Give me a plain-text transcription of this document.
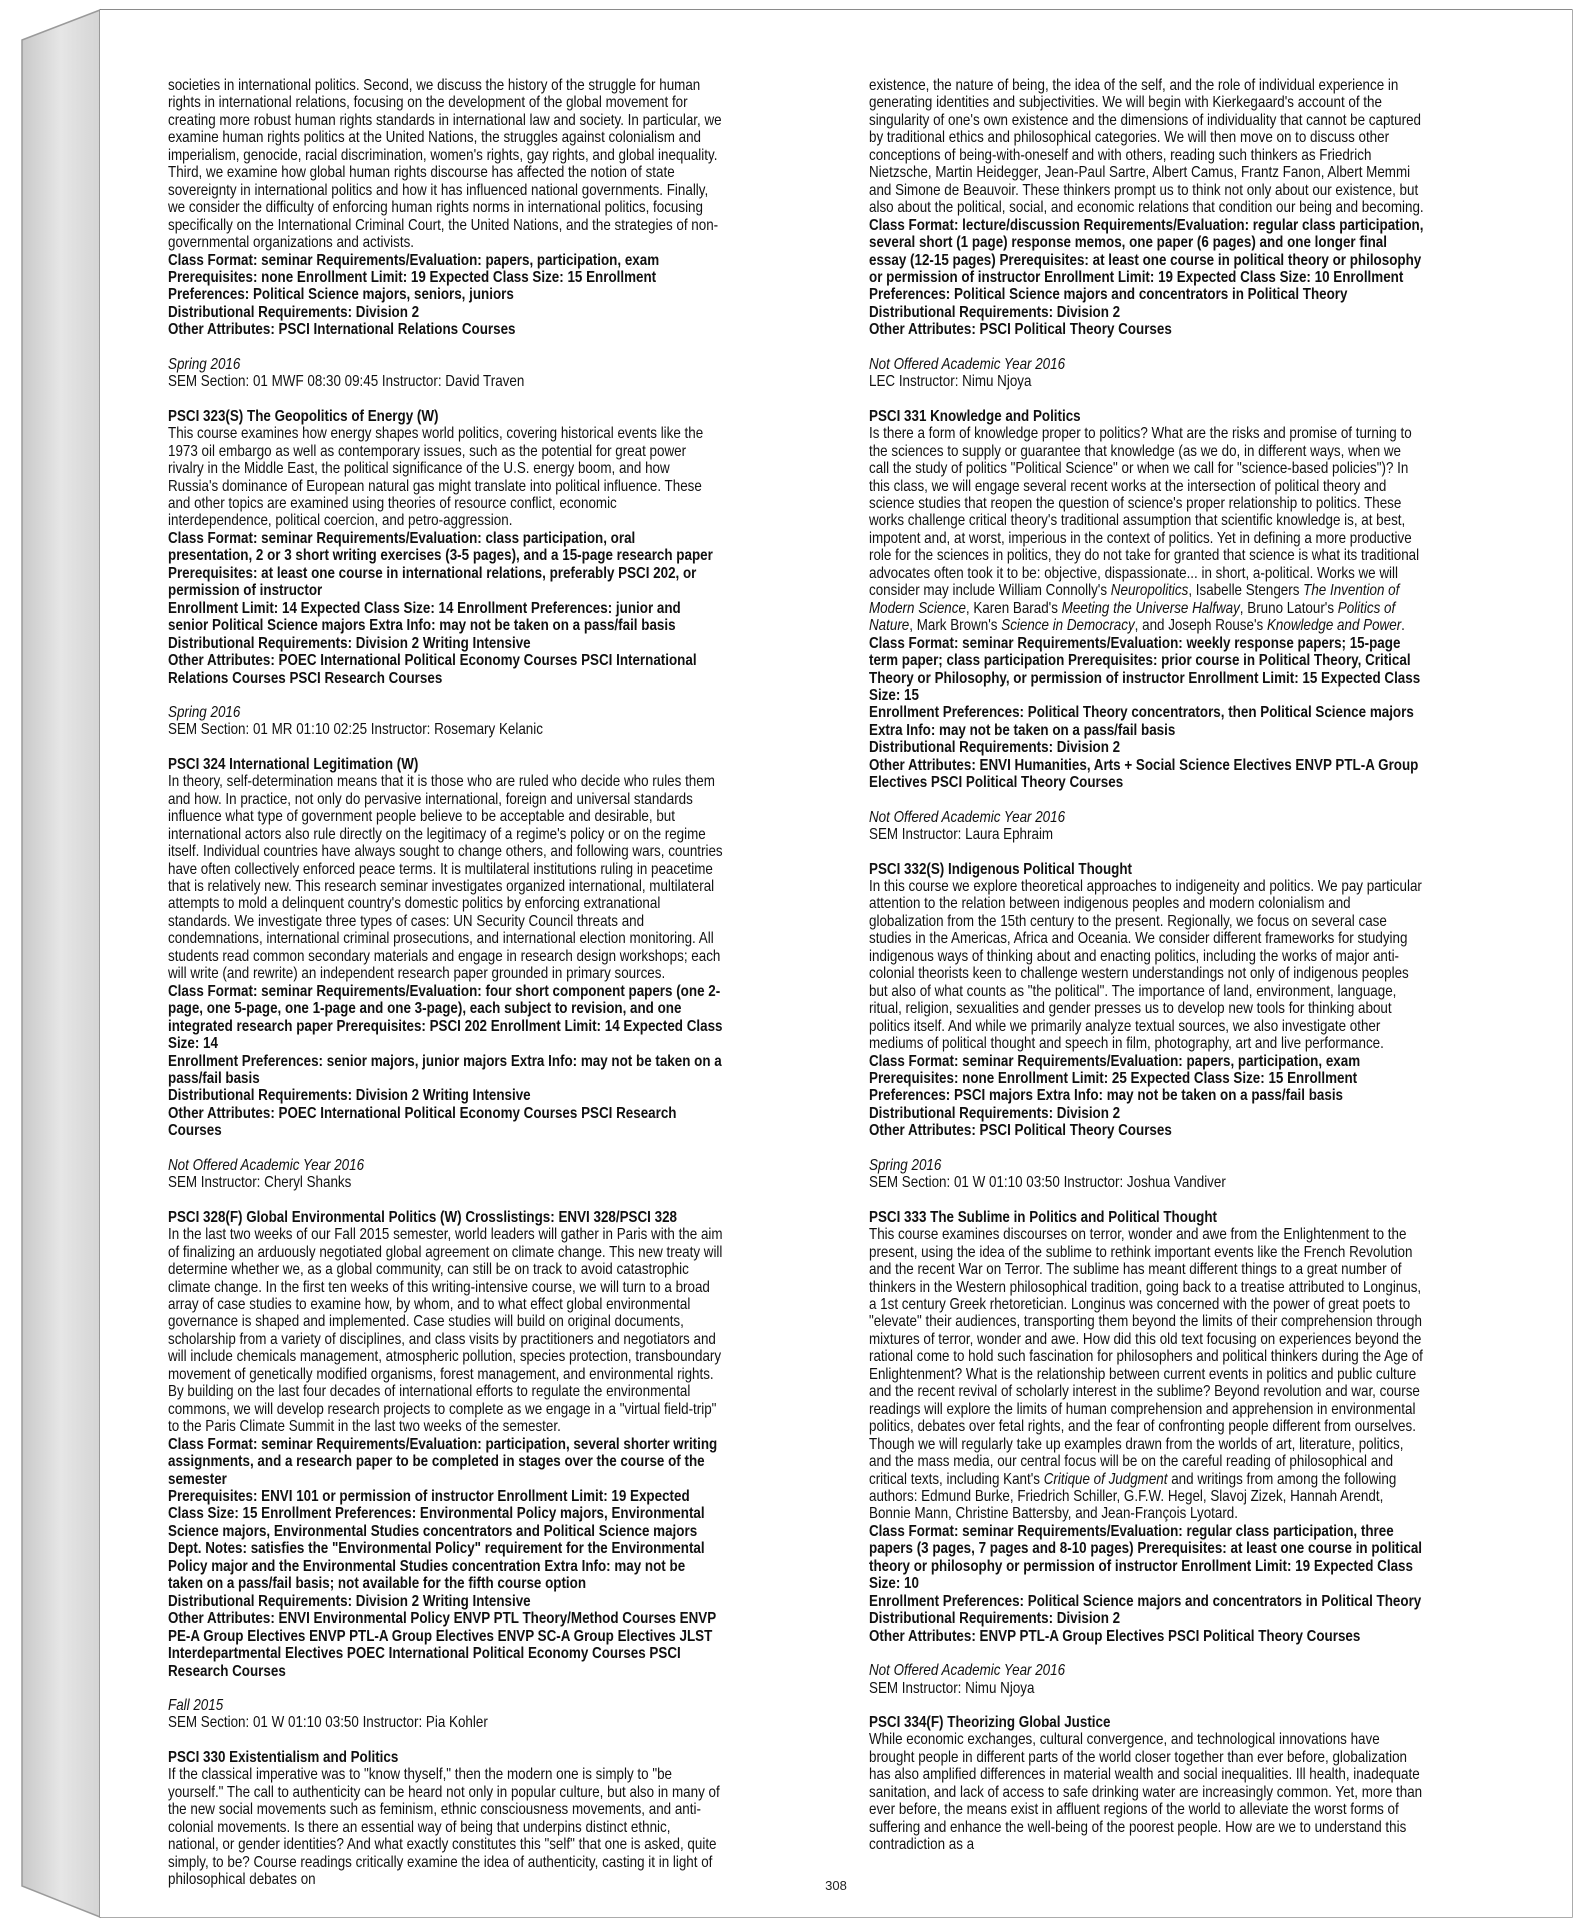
societies in international politics. Second, we discuss the history of the struggle for human rights in international relations, focusing on the development of the global movement for creating more robust human rights standards in international law and society. In particular, we examine human rights politics at the United Nations, the struggles against colonialism and imperialism, genocide, racial discrimination, women's rights, gay rights, and global inequality. Third, we examine how global human rights discourse has affected the notion of state sovereignty in international politics and how it has influenced national governments. Finally, we consider the difficulty of enforcing human rights norms in international politics, focusing specifically on the International Criminal Court, the United Nations, and the strategies of non-governmental organizations and activists.

Class Format: seminar Requirements/Evaluation: papers, participation, exam

Prerequisites: none Enrollment Limit: 19 Expected Class Size: 15 Enrollment Preferences: Political Science majors, seniors, juniors

Distributional Requirements: Division 2

Other Attributes: PSCI International Relations Courses

Spring 2016

SEM Section: 01 MWF 08:30 09:45 Instructor: David Traven

PSCI 323(S) The Geopolitics of Energy (W)

This course examines how energy shapes world politics, covering historical events like the 1973 oil embargo as well as contemporary issues, such as the potential for great power rivalry in the Middle East, the political significance of the U.S. energy boom, and how Russia's dominance of European natural gas might translate into political influence. These and other topics are examined using theories of resource conflict, economic interdependence, political coercion, and petro-aggression.

Class Format: seminar Requirements/Evaluation: class participation, oral presentation, 2 or 3 short writing exercises (3-5 pages), and a 15-page research paper Prerequisites: at least one course in international relations, preferably PSCI 202, or permission of instructor

Enrollment Limit: 14 Expected Class Size: 14 Enrollment Preferences: junior and senior Political Science majors Extra Info: may not be taken on a pass/fail basis

Distributional Requirements: Division 2 Writing Intensive

Other Attributes: POEC International Political Economy Courses PSCI International Relations Courses PSCI Research Courses

Spring 2016

SEM Section: 01 MR 01:10 02:25 Instructor: Rosemary Kelanic

PSCI 324 International Legitimation (W)

In theory, self-determination means that it is those who are ruled who decide who rules them and how. In practice, not only do pervasive international, foreign and universal standards influence what type of government people believe to be acceptable and desirable, but international actors also rule directly on the legitimacy of a regime's policy or on the regime itself. Individual countries have always sought to change others, and following wars, countries have often collectively enforced peace terms. It is multilateral institutions ruling in peacetime that is relatively new. This research seminar investigates organized international, multilateral attempts to mold a delinquent country's domestic politics by enforcing extranational standards. We investigate three types of cases: UN Security Council threats and condemnations, international criminal prosecutions, and international election monitoring. All students read common secondary materials and engage in research design workshops; each will write (and rewrite) an independent research paper grounded in primary sources.

Class Format: seminar Requirements/Evaluation: four short component papers (one 2-page, one 5-page, one 1-page and one 3-page), each subject to revision, and one integrated research paper Prerequisites: PSCI 202 Enrollment Limit: 14 Expected Class Size: 14

Enrollment Preferences: senior majors, junior majors Extra Info: may not be taken on a pass/fail basis

Distributional Requirements: Division 2 Writing Intensive

Other Attributes: POEC International Political Economy Courses PSCI Research Courses

Not Offered Academic Year 2016

SEM Instructor: Cheryl Shanks

PSCI 328(F) Global Environmental Politics (W) Crosslistings: ENVI 328/PSCI 328

In the last two weeks of our Fall 2015 semester, world leaders will gather in Paris with the aim of finalizing an arduously negotiated global agreement on climate change. This new treaty will determine whether we, as a global community, can still be on track to avoid catastrophic climate change. In the first ten weeks of this writing-intensive course, we will turn to a broad array of case studies to examine how, by whom, and to what effect global environmental governance is shaped and implemented. Case studies will build on original documents, scholarship from a variety of disciplines, and class visits by practitioners and negotiators and will include chemicals management, atmospheric pollution, species protection, transboundary movement of genetically modified organisms, forest management, and environmental rights. By building on the last four decades of international efforts to regulate the environmental commons, we will develop research projects to complete as we engage in a "virtual field-trip" to the Paris Climate Summit in the last two weeks of the semester.

Class Format: seminar Requirements/Evaluation: participation, several shorter writing assignments, and a research paper to be completed in stages over the course of the semester

Prerequisites: ENVI 101 or permission of instructor Enrollment Limit: 19 Expected Class Size: 15 Enrollment Preferences: Environmental Policy majors, Environmental Science majors, Environmental Studies concentrators and Political Science majors Dept. Notes: satisfies the "Environmental Policy" requirement for the Environmental Policy major and the Environmental Studies concentration Extra Info: may not be taken on a pass/fail basis; not available for the fifth course option

Distributional Requirements: Division 2 Writing Intensive

Other Attributes: ENVI Environmental Policy ENVP PTL Theory/Method Courses ENVP PE-A Group Electives ENVP PTL-A Group Electives ENVP SC-A Group Electives JLST Interdepartmental Electives POEC International Political Economy Courses PSCI Research Courses

Fall 2015

SEM Section: 01 W 01:10 03:50 Instructor: Pia Kohler

PSCI 330 Existentialism and Politics

If the classical imperative was to "know thyself," then the modern one is simply to "be yourself." The call to authenticity can be heard not only in popular culture, but also in many of the new social movements such as feminism, ethnic consciousness movements, and anti-colonial movements. Is there an essential way of being that underpins distinct ethnic, national, or gender identities? And what exactly constitutes this "self" that one is asked, quite simply, to be? Course readings critically examine the idea of authenticity, casting it in light of philosophical debates on

existence, the nature of being, the idea of the self, and the role of individual experience in generating identities and subjectivities. We will begin with Kierkegaard's account of the singularity of one's own existence and the dimensions of individuality that cannot be captured by traditional ethics and philosophical categories. We will then move on to discuss other conceptions of being-with-oneself and with others, reading such thinkers as Friedrich Nietzsche, Martin Heidegger, Jean-Paul Sartre, Albert Camus, Frantz Fanon, Albert Memmi and Simone de Beauvoir. These thinkers prompt us to think not only about our existence, but also about the political, social, and economic relations that condition our being and becoming.

Class Format: lecture/discussion Requirements/Evaluation: regular class participation, several short (1 page) response memos, one paper (6 pages) and one longer final essay (12-15 pages) Prerequisites: at least one course in political theory or philosophy or permission of instructor Enrollment Limit: 19 Expected Class Size: 10 Enrollment Preferences: Political Science majors and concentrators in Political Theory

Distributional Requirements: Division 2

Other Attributes: PSCI Political Theory Courses

Not Offered Academic Year 2016

LEC Instructor: Nimu Njoya

PSCI 331 Knowledge and Politics

Is there a form of knowledge proper to politics? What are the risks and promise of turning to the sciences to supply or guarantee that knowledge (as we do, in different ways, when we call the study of politics "Political Science" or when we call for "science-based policies")? In this class, we will engage several recent works at the intersection of political theory and science studies that reopen the question of science's proper relationship to politics. These works challenge critical theory's traditional assumption that scientific knowledge is, at best, impotent and, at worst, imperious in the context of politics. Yet in defining a more productive role for the sciences in politics, they do not take for granted that science is what its traditional advocates often took it to be: objective, dispassionate... in short, a-political. Works we will consider may include William Connolly's Neuropolitics, Isabelle Stengers The Invention of Modern Science, Karen Barad's Meeting the Universe Halfway, Bruno Latour's Politics of Nature, Mark Brown's Science in Democracy, and Joseph Rouse's Knowledge and Power.

Class Format: seminar Requirements/Evaluation: weekly response papers; 15-page term paper; class participation Prerequisites: prior course in Political Theory, Critical Theory or Philosophy, or permission of instructor Enrollment Limit: 15 Expected Class Size: 15

Enrollment Preferences: Political Theory concentrators, then Political Science majors

Extra Info: may not be taken on a pass/fail basis

Distributional Requirements: Division 2

Other Attributes: ENVI Humanities, Arts + Social Science Electives ENVP PTL-A Group Electives PSCI Political Theory Courses

Not Offered Academic Year 2016

SEM Instructor: Laura Ephraim

PSCI 332(S) Indigenous Political Thought

In this course we explore theoretical approaches to indigeneity and politics. We pay particular attention to the relation between indigenous peoples and modern colonialism and globalization from the 15th century to the present. Regionally, we focus on several case studies in the Americas, Africa and Oceania. We consider different frameworks for studying indigenous ways of thinking about and enacting politics, including the works of major anti-colonial theorists keen to challenge western understandings not only of indigenous peoples but also of what counts as "the political". The importance of land, environment, language, ritual, religion, sexualities and gender presses us to develop new tools for thinking about politics itself. And while we primarily analyze textual sources, we also investigate other mediums of political thought and speech in film, photography, art and live performance.

Class Format: seminar Requirements/Evaluation: papers, participation, exam

Prerequisites: none Enrollment Limit: 25 Expected Class Size: 15 Enrollment Preferences: PSCI majors Extra Info: may not be taken on a pass/fail basis

Distributional Requirements: Division 2

Other Attributes: PSCI Political Theory Courses

Spring 2016

SEM Section: 01 W 01:10 03:50 Instructor: Joshua Vandiver

PSCI 333 The Sublime in Politics and Political Thought

This course examines discourses on terror, wonder and awe from the Enlightenment to the present, using the idea of the sublime to rethink important events like the French Revolution and the recent War on Terror. The sublime has meant different things to a great number of thinkers in the Western philosophical tradition, going back to a treatise attributed to Longinus, a 1st century Greek rhetoretician. Longinus was concerned with the power of great poets to "elevate" their audiences, transporting them beyond the limits of their comprehension through mixtures of terror, wonder and awe. How did this old text focusing on experiences beyond the rational come to hold such fascination for philosophers and political thinkers during the Age of Enlightenment? What is the relationship between current events in politics and public culture and the recent revival of scholarly interest in the sublime? Beyond revolution and war, course readings will explore the limits of human comprehension and apprehension in environmental politics, debates over fetal rights, and the fear of confronting people different from ourselves. Though we will regularly take up examples drawn from the worlds of art, literature, politics, and the mass media, our central focus will be on the careful reading of philosophical and critical texts, including Kant's Critique of Judgment and writings from among the following authors: Edmund Burke, Friedrich Schiller, G.F.W. Hegel, Slavoj Zizek, Hannah Arendt, Bonnie Mann, Christine Battersby, and Jean-François Lyotard.

Class Format: seminar Requirements/Evaluation: regular class participation, three papers (3 pages, 7 pages and 8-10 pages) Prerequisites: at least one course in political theory or philosophy or permission of instructor Enrollment Limit: 19 Expected Class Size: 10

Enrollment Preferences: Political Science majors and concentrators in Political Theory

Distributional Requirements: Division 2

Other Attributes: ENVP PTL-A Group Electives PSCI Political Theory Courses

Not Offered Academic Year 2016

SEM Instructor: Nimu Njoya

PSCI 334(F) Theorizing Global Justice

While economic exchanges, cultural convergence, and technological innovations have brought people in different parts of the world closer together than ever before, globalization has also amplified differences in material wealth and social inequalities. Ill health, inadequate sanitation, and lack of access to safe drinking water are increasingly common. Yet, more than ever before, the means exist in affluent regions of the world to alleviate the worst forms of suffering and enhance the well-being of the poorest people. How are we to understand this contradiction as a

308
